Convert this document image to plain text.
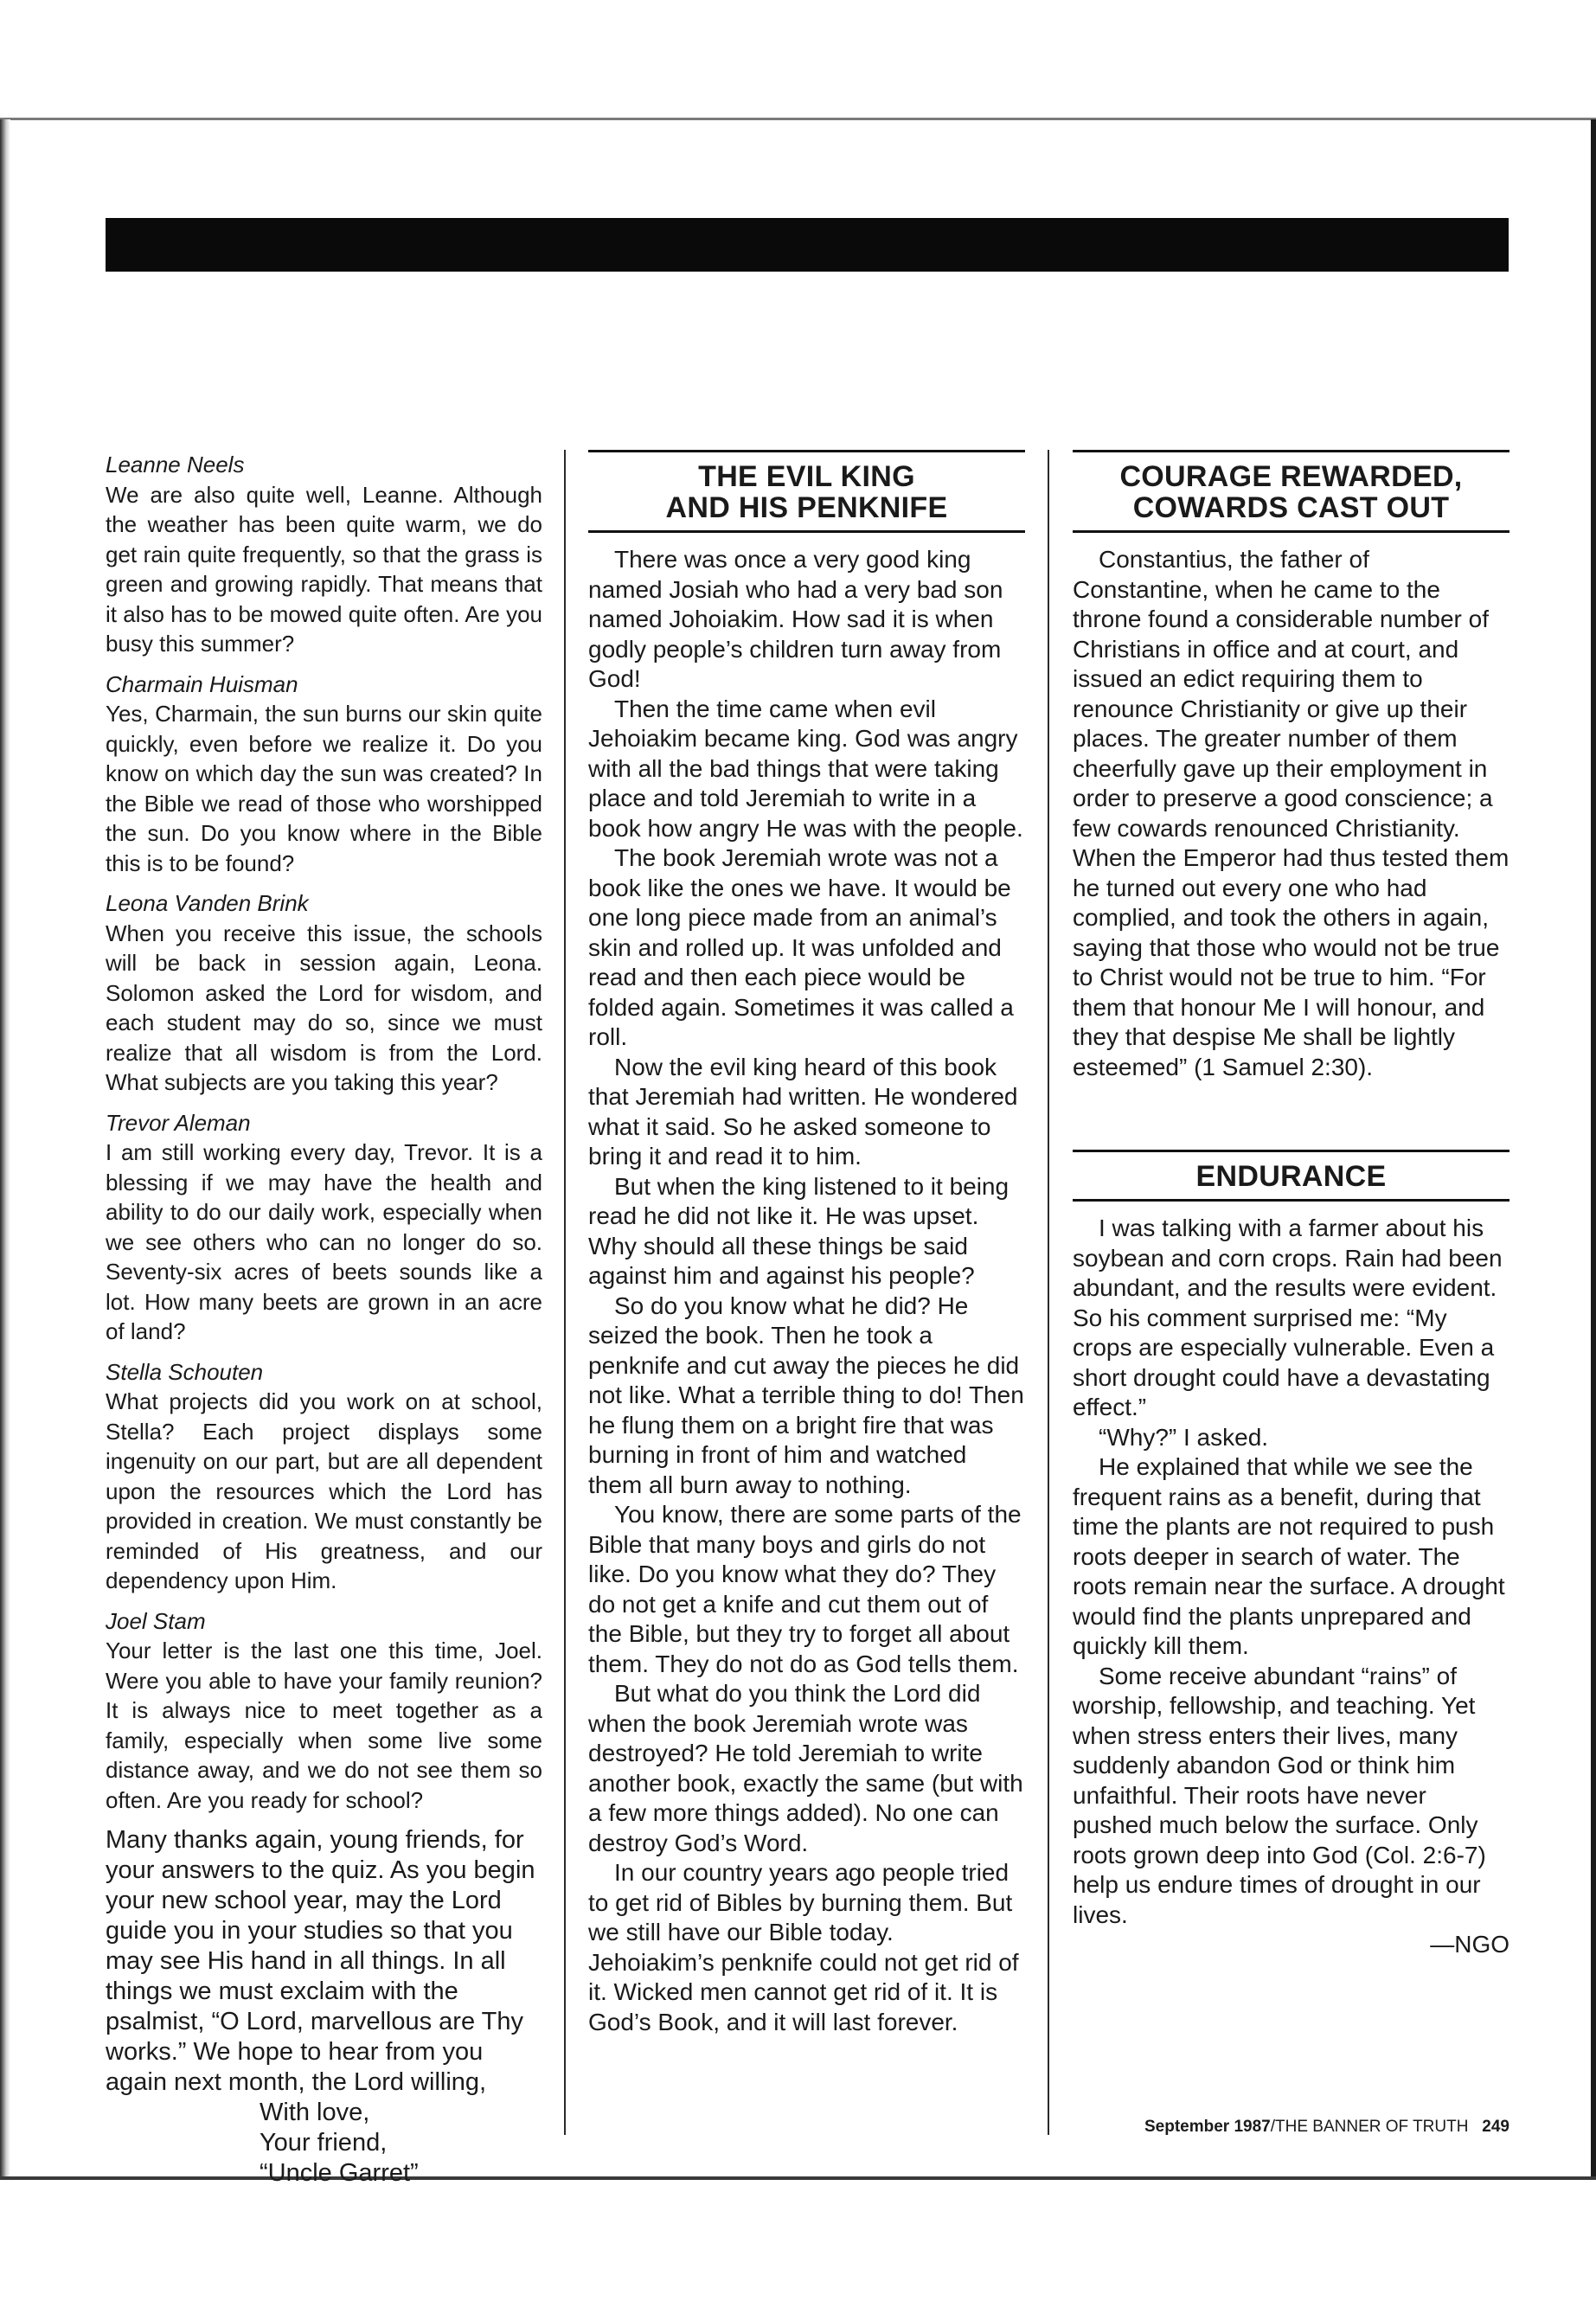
Leanne Neels

We are also quite well, Leanne. Although the weather has been quite warm, we do get rain quite frequently, so that the grass is green and growing rapidly. That means that it also has to be mowed quite often. Are you busy this summer?

Charmain Huisman

Yes, Charmain, the sun burns our skin quite quickly, even before we realize it. Do you know on which day the sun was created? In the Bible we read of those who worshipped the sun. Do you know where in the Bible this is to be found?

Leona Vanden Brink

When you receive this issue, the schools will be back in session again, Leona. Solomon asked the Lord for wisdom, and each student may do so, since we must realize that all wisdom is from the Lord. What subjects are you taking this year?

Trevor Aleman

I am still working every day, Trevor. It is a blessing if we may have the health and ability to do our daily work, especially when we see others who can no longer do so. Seventy-six acres of beets sounds like a lot. How many beets are grown in an acre of land?

Stella Schouten

What projects did you work on at school, Stella? Each project displays some ingenuity on our part, but are all dependent upon the resources which the Lord has provided in creation. We must constantly be reminded of His greatness, and our dependency upon Him.

Joel Stam

Your letter is the last one this time, Joel. Were you able to have your family reunion? It is always nice to meet together as a family, especially when some live some distance away, and we do not see them so often. Are you ready for school?

Many thanks again, young friends, for your answers to the quiz. As you begin your new school year, may the Lord guide you in your studies so that you may see His hand in all things. In all things we must exclaim with the psalmist, “O Lord, marvellous are Thy works.” We hope to hear from you again next month, the Lord willing,

With love,

Your friend,

“Uncle Garret”

THE EVIL KING
AND HIS PENKNIFE

There was once a very good king named Josiah who had a very bad son named Johoiakim. How sad it is when godly people’s children turn away from God!

Then the time came when evil Jehoiakim became king. God was angry with all the bad things that were taking place and told Jeremiah to write in a book how angry He was with the people.

The book Jeremiah wrote was not a book like the ones we have. It would be one long piece made from an animal’s skin and rolled up. It was unfolded and read and then each piece would be folded again. Sometimes it was called a roll.

Now the evil king heard of this book that Jeremiah had written. He wondered what it said. So he asked someone to bring it and read it to him.

But when the king listened to it being read he did not like it. He was upset. Why should all these things be said against him and against his people?

So do you know what he did? He seized the book. Then he took a penknife and cut away the pieces he did not like. What a terrible thing to do! Then he flung them on a bright fire that was burning in front of him and watched them all burn away to nothing.

You know, there are some parts of the Bible that many boys and girls do not like. Do you know what they do? They do not get a knife and cut them out of the Bible, but they try to forget all about them. They do not do as God tells them.

But what do you think the Lord did when the book Jeremiah wrote was destroyed? He told Jeremiah to write another book, exactly the same (but with a few more things added). No one can destroy God’s Word.

In our country years ago people tried to get rid of Bibles by burning them. But we still have our Bible today. Jehoiakim’s penknife could not get rid of it. Wicked men cannot get rid of it. It is God’s Book, and it will last forever.

COURAGE REWARDED,
COWARDS CAST OUT

Constantius, the father of Constantine, when he came to the throne found a considerable number of Christians in office and at court, and issued an edict requiring them to renounce Christianity or give up their places. The greater number of them cheerfully gave up their employment in order to preserve a good conscience; a few cowards renounced Christianity. When the Emperor had thus tested them he turned out every one who had complied, and took the others in again, saying that those who would not be true to Christ would not be true to him. “For them that honour Me I will honour, and they that despise Me shall be lightly esteemed” (1 Samuel 2:30).

ENDURANCE

I was talking with a farmer about his soybean and corn crops. Rain had been abundant, and the results were evident. So his comment surprised me: “My crops are especially vulnerable. Even a short drought could have a devastating effect.”

“Why?” I asked.

He explained that while we see the frequent rains as a benefit, during that time the plants are not required to push roots deeper in search of water. The roots remain near the surface. A drought would find the plants unprepared and quickly kill them.

Some receive abundant “rains” of worship, fellowship, and teaching. Yet when stress enters their lives, many suddenly abandon God or think him unfaithful. Their roots have never pushed much below the surface. Only roots grown deep into God (Col. 2:6-7) help us endure times of drought in our lives.

—NGO

September 1987/THE BANNER OF TRUTH 249
